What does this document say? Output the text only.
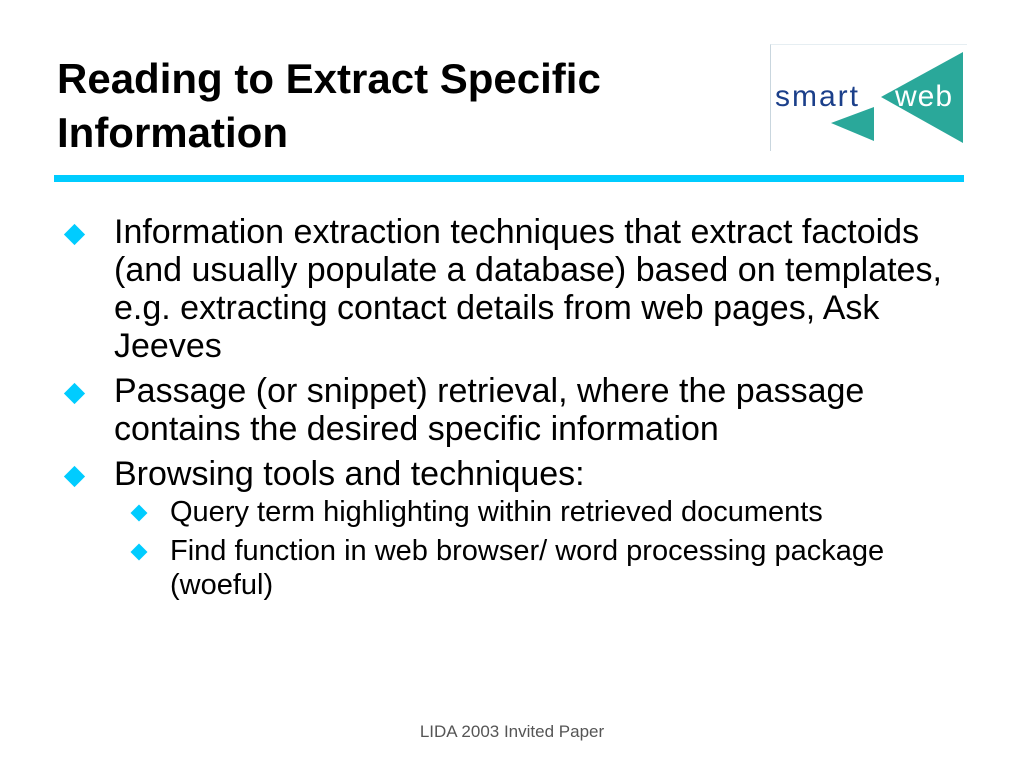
Reading to Extract Specific
Information
smart web
Information extraction techniques that extract factoids (and usually populate a database) based on templates, e.g. extracting contact details from web pages, Ask Jeeves
Passage (or snippet) retrieval, where the passage contains the desired specific information
Browsing tools and techniques:
Query term highlighting within retrieved documents
Find function in web browser/ word processing package (woeful)
LIDA 2003 Invited Paper
